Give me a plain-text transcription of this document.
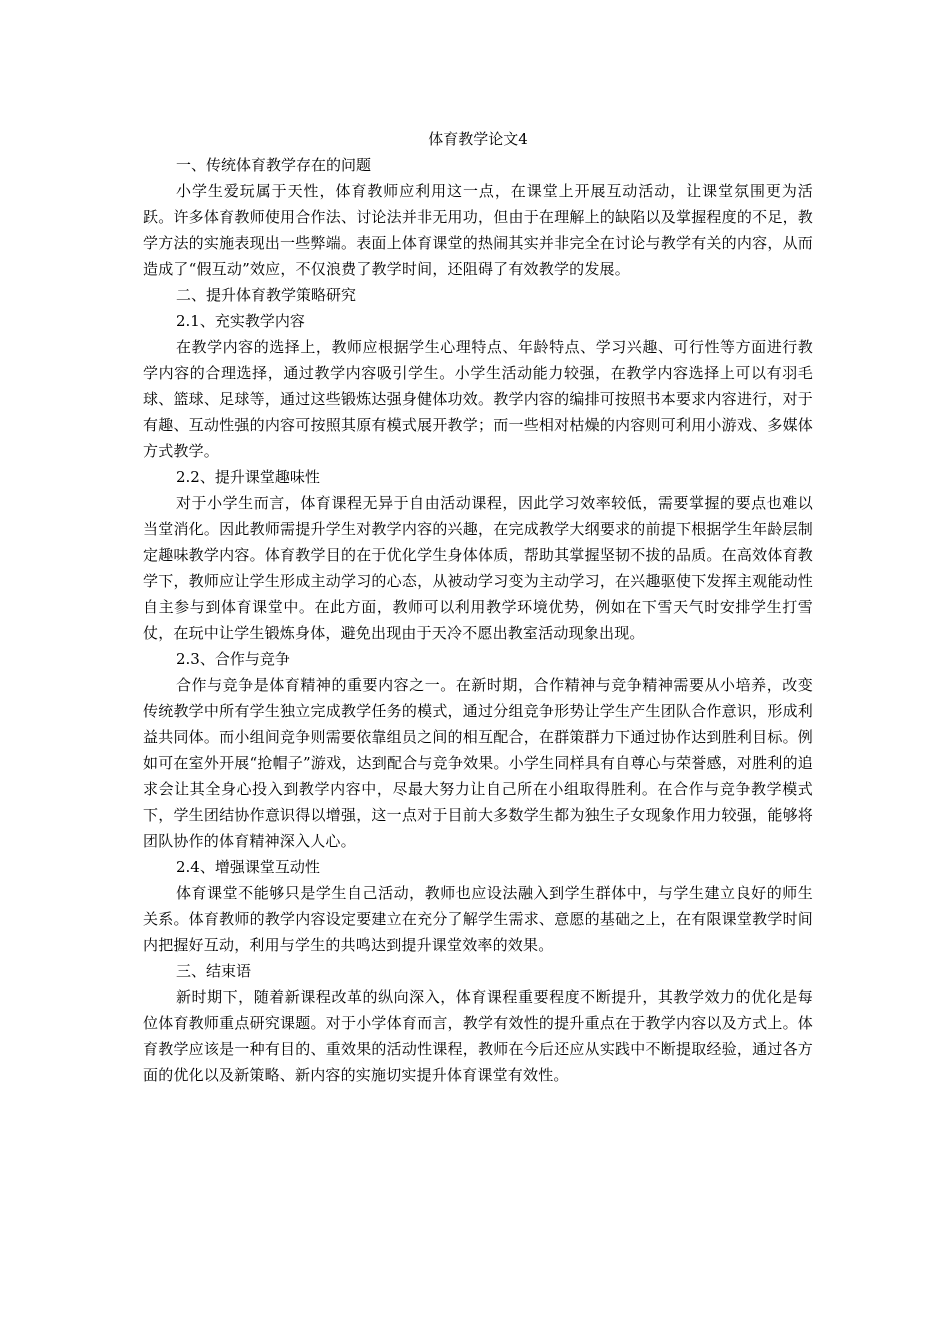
体育教学论文4

一、传统体育教学存在的问题

小学生爱玩属于天性，体育教师应利用这一点，在课堂上开展互动活动，让课堂氛围更为活跃。许多体育教师使用合作法、讨论法并非无用功，但由于在理解上的缺陷以及掌握程度的不足，教学方法的实施表现出一些弊端。表面上体育课堂的热闹其实并非完全在讨论与教学有关的内容，从而造成了“假互动”效应，不仅浪费了教学时间，还阻碍了有效教学的发展。

二、提升体育教学策略研究

2.1、充实教学内容

在教学内容的选择上，教师应根据学生心理特点、年龄特点、学习兴趣、可行性等方面进行教学内容的合理选择，通过教学内容吸引学生。小学生活动能力较强，在教学内容选择上可以有羽毛球、篮球、足球等，通过这些锻炼达强身健体功效。教学内容的编排可按照书本要求内容进行，对于有趣、互动性强的内容可按照其原有模式展开教学；而一些相对枯燥的内容则可利用小游戏、多媒体方式教学。

2.2、提升课堂趣味性

对于小学生而言，体育课程无异于自由活动课程，因此学习效率较低，需要掌握的要点也难以当堂消化。因此教师需提升学生对教学内容的兴趣，在完成教学大纲要求的前提下根据学生年龄层制定趣味教学内容。体育教学目的在于优化学生身体体质，帮助其掌握坚韧不拔的品质。在高效体育教学下，教师应让学生形成主动学习的心态，从被动学习变为主动学习，在兴趣驱使下发挥主观能动性自主参与到体育课堂中。在此方面，教师可以利用教学环境优势，例如在下雪天气时安排学生打雪仗，在玩中让学生锻炼身体，避免出现由于天冷不愿出教室活动现象出现。

2.3、合作与竞争

合作与竞争是体育精神的重要内容之一。在新时期，合作精神与竞争精神需要从小培养，改变传统教学中所有学生独立完成教学任务的模式，通过分组竞争形势让学生产生团队合作意识，形成利益共同体。而小组间竞争则需要依靠组员之间的相互配合，在群策群力下通过协作达到胜利目标。例如可在室外开展“抢帽子”游戏，达到配合与竞争效果。小学生同样具有自尊心与荣誉感，对胜利的追求会让其全身心投入到教学内容中，尽最大努力让自己所在小组取得胜利。在合作与竞争教学模式下，学生团结协作意识得以增强，这一点对于目前大多数学生都为独生子女现象作用力较强，能够将团队协作的体育精神深入人心。

2.4、增强课堂互动性

体育课堂不能够只是学生自己活动，教师也应设法融入到学生群体中，与学生建立良好的师生关系。体育教师的教学内容设定要建立在充分了解学生需求、意愿的基础之上，在有限课堂教学时间内把握好互动，利用与学生的共鸣达到提升课堂效率的效果。

三、结束语

新时期下，随着新课程改革的纵向深入，体育课程重要程度不断提升，其教学效力的优化是每位体育教师重点研究课题。对于小学体育而言，教学有效性的提升重点在于教学内容以及方式上。体育教学应该是一种有目的、重效果的活动性课程，教师在今后还应从实践中不断提取经验，通过各方面的优化以及新策略、新内容的实施切实提升体育课堂有效性。
